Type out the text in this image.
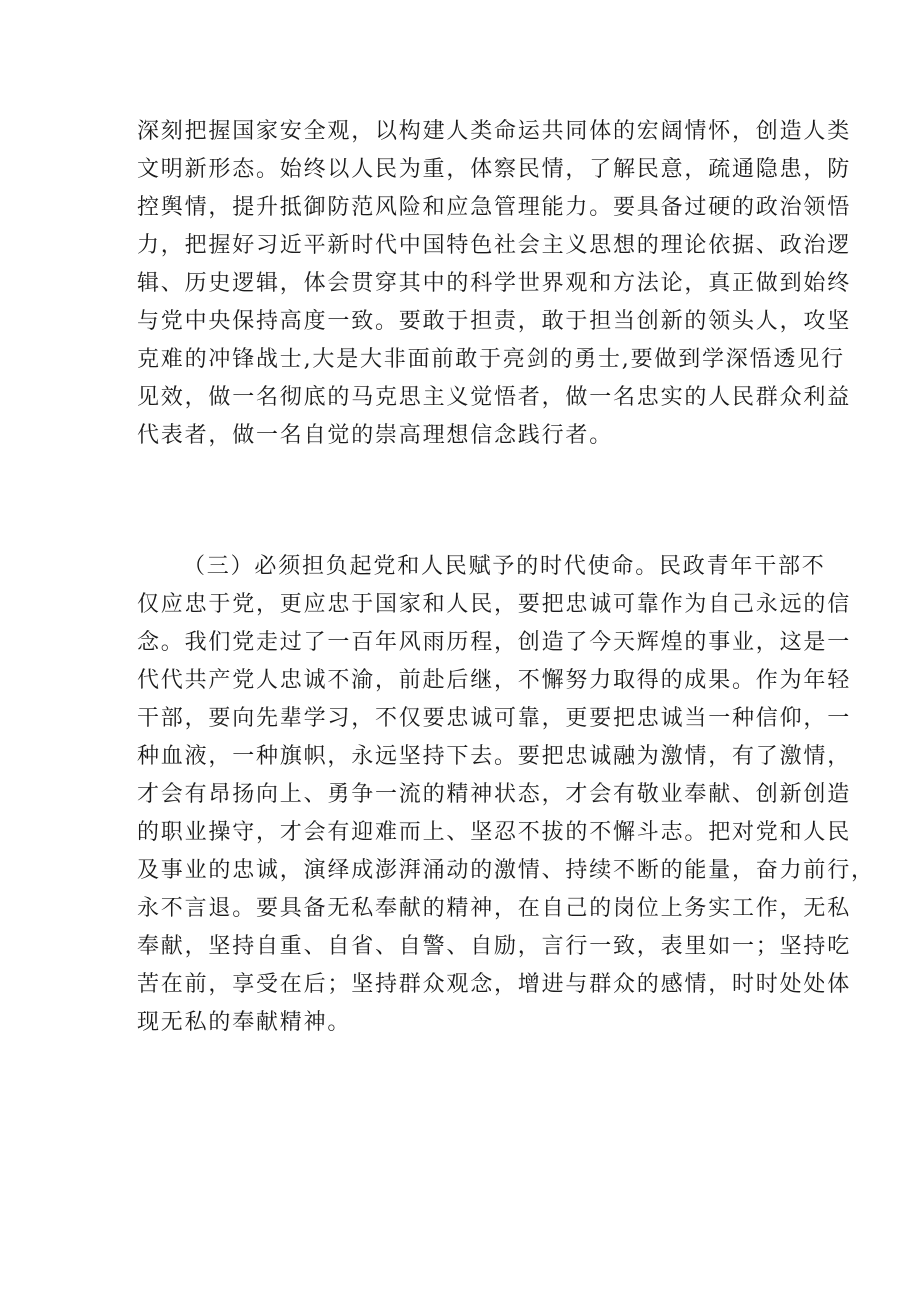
深刻把握国家安全观，以构建人类命运共同体的宏阔情怀，创造人类
文明新形态。始终以人民为重，体察民情，了解民意，疏通隐患，防
控舆情，提升抵御防范风险和应急管理能力。要具备过硬的政治领悟
力，把握好习近平新时代中国特色社会主义思想的理论依据、政治逻
辑、历史逻辑，体会贯穿其中的科学世界观和方法论，真正做到始终
与党中央保持高度一致。要敢于担责，敢于担当创新的领头人，攻坚
克难的冲锋战士,大是大非面前敢于亮剑的勇士,要做到学深悟透见行
见效，做一名彻底的马克思主义觉悟者，做一名忠实的人民群众利益
代表者，做一名自觉的崇高理想信念践行者。
（三）必须担负起党和人民赋予的时代使命。民政青年干部不
仅应忠于党，更应忠于国家和人民，要把忠诚可靠作为自己永远的信
念。我们党走过了一百年风雨历程，创造了今天辉煌的事业，这是一
代代共产党人忠诚不渝，前赴后继，不懈努力取得的成果。作为年轻
干部，要向先辈学习，不仅要忠诚可靠，更要把忠诚当一种信仰，一
种血液，一种旗帜，永远坚持下去。要把忠诚融为激情，有了激情，
才会有昂扬向上、勇争一流的精神状态，才会有敬业奉献、创新创造
的职业操守，才会有迎难而上、坚忍不拔的不懈斗志。把对党和人民
及事业的忠诚，演绎成澎湃涌动的激情、持续不断的能量，奋力前行，
永不言退。要具备无私奉献的精神，在自己的岗位上务实工作，无私
奉献，坚持自重、自省、自警、自励，言行一致，表里如一；坚持吃
苦在前，享受在后；坚持群众观念，增进与群众的感情，时时处处体
现无私的奉献精神。
